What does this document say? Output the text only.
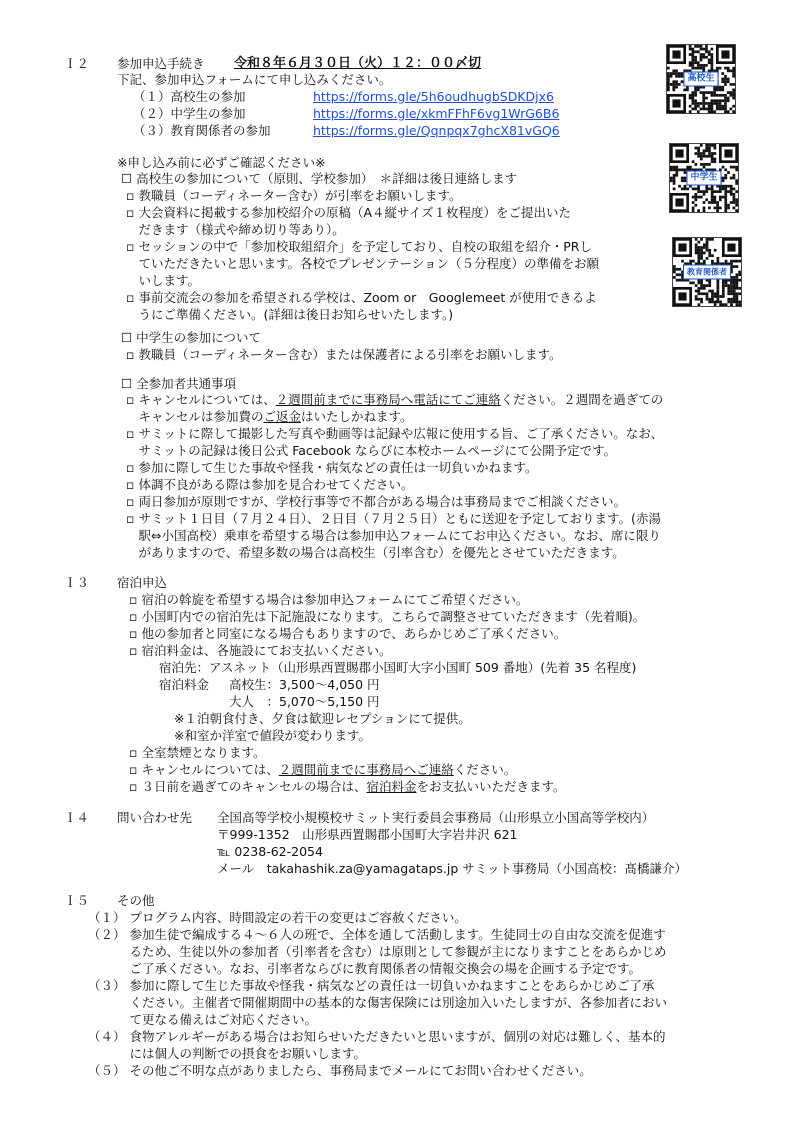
Ｉ２ 参加申込手続き 令和８年６月３０日（火）１２：００〆切
下記、参加申込フォームにて申し込みください。
（１）高校生の参加	https://forms.gle/5h6oudhugbSDKDjx6
（２）中学生の参加	https://forms.gle/xkmFFhF6vg1WrG6B6
（３）教育関係者の参加	https://forms.gle/Qqnpqx7ghcX81vGQ6
※申し込み前に必ずご確認ください※
☐ 高校生の参加について（原則、学校参加）　＊詳細は後日連絡します
▫ 教職員（コーディネーター含む）が引率をお願いします。
▫ 大会資料に掲載する参加校紹介の原稿（A４縦サイズ１枚程度）をご提出いた
　だきます（様式や締め切り等あり）。
▫ セッションの中で「参加校取組紹介」を予定しており、自校の取組を紹介・PRし
　ていただきたいと思います。各校でプレゼンテーション（５分程度）の準備をお願
　いします。
▫ 事前交流会の参加を希望される学校は、Zoom or　Googlemeet が使用できるよ
　うにご準備ください。(詳細は後日お知らせいたします。)
☐ 中学生の参加について
▫ 教職員（コーディネーター含む）または保護者による引率をお願いします。
☐ 全参加者共通事項
▫ キャンセルについては、２週間前までに事務局へ電話にてご連絡ください。２週間を過ぎての
　キャンセルは参加費のご返金はいたしかねます。
▫ サミットに際して撮影した写真や動画等は記録や広報に使用する旨、ご了承ください。なお、
　サミットの記録は後日公式 Facebook ならびに本校ホームページにて公開予定です。
▫ 参加に際して生じた事故や怪我・病気などの責任は一切負いかねます。
▫ 体調不良がある際は参加を見合わせてください。
▫ 両日参加が原則ですが、学校行事等で不都合がある場合は事務局までご相談ください。
▫ サミット１日目（７月２４日）、２日目（７月２５日）ともに送迎を予定しております。(赤湯
　駅⇔小国高校）乗車を希望する場合は参加申込フォームにてお申込ください。なお、席に限り
　がありますので、希望多数の場合は高校生（引率含む）を優先とさせていただきます。
高校生
中学生
教育関係者
Ｉ３ 宿泊申込
▫ 宿泊の斡旋を希望する場合は参加申込フォームにてご希望ください。
▫ 小国町内での宿泊先は下記施設になります。こちらで調整させていただきます（先着順)。
▫ 他の参加者と同室になる場合もありますので、あらかじめご了承ください。
▫ 宿泊料金は、各施設にてお支払いください。
宿泊先：アスネット（山形県西置賜郡小国町大字小国町 509 番地）(先着 35 名程度)
宿泊料金 高校生：3,500～4,050 円
大人　：5,070～5,150 円
※１泊朝食付き、夕食は歓迎レセプションにて提供。
※和室か洋室で値段が変わります。
▫ 全室禁煙となります。
▫ キャンセルについては、２週間前までに事務局へご連絡ください。
▫ ３日前を過ぎてのキャンセルの場合は、宿泊料金をお支払いいただきます。
Ｉ４ 問い合わせ先 全国高等学校小規模校サミット実行委員会事務局（山形県立小国高等学校内）
〒999-1352　山形県西置賜郡小国町大字岩井沢 621
℡ 0238-62-2054
メール　takahashik.za@yamagataps.jp サミット事務局（小国高校：髙橋謙介）
Ｉ５ その他
（１） プログラム内容、時間設定の若干の変更はご容赦ください。
（２） 参加生徒で編成する４～６人の班で、全体を通して活動します。生徒同士の自由な交流を促進す
　　　 るため、生徒以外の参加者（引率者を含む）は原則として参観が主になりますことをあらかじめ
　　　 ご了承ください。なお、引率者ならびに教育関係者の情報交換会の場を企画する予定です。
（３） 参加に際して生じた事故や怪我・病気などの責任は一切負いかねますことをあらかじめご了承
　　　 ください。主催者で開催期間中の基本的な傷害保険には別途加入いたしますが、各参加者におい
　　　 て更なる備えはご対応ください。
（４） 食物アレルギーがある場合はお知らせいただきたいと思いますが、個別の対応は難しく、基本的
　　　 には個人の判断での摂食をお願いします。
（５） その他ご不明な点がありましたら、事務局までメールにてお問い合わせください。
